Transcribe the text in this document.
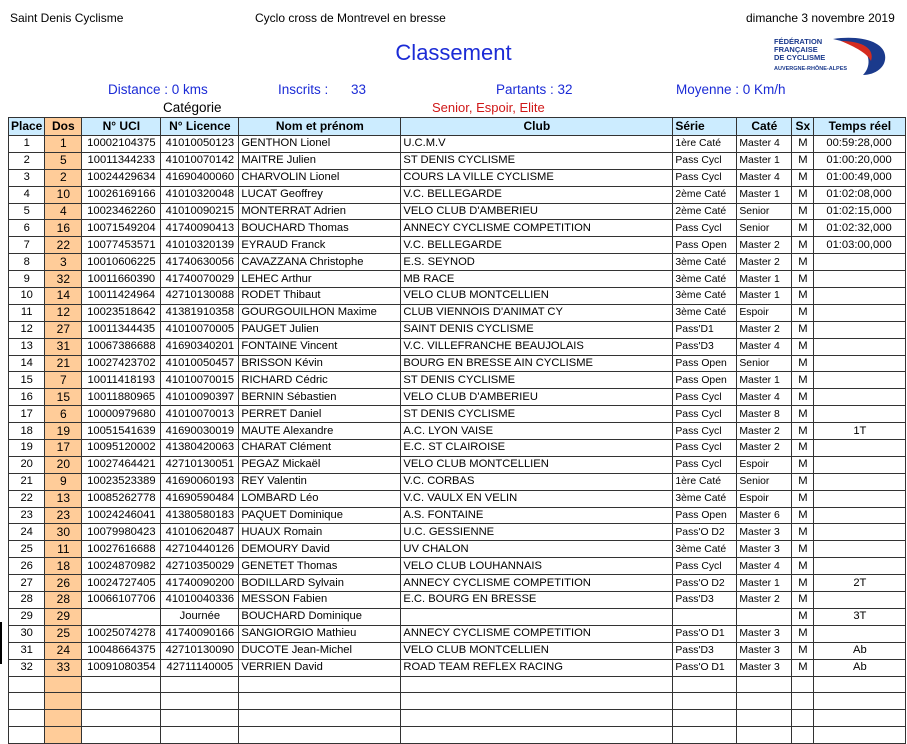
Saint Denis Cyclisme	Cyclo cross de Montrevel en bresse	dimanche 3 novembre 2019
Classement	FÉDÉRATION
FRANÇAISE
DE CYCLISME
AUVERGNE-RHÔNE-ALPES
Distance : 0 kms	Inscrits : 33	Partants : 32	Moyenne : 0 Km/h
Catégorie	Senior, Espoir, Elite
Place	Dos	N° UCI	N° Licence	Nom et prénom	Club	Série	Caté	Sx	Temps réel
1	1	10002104375	41010050123	GENTHON Lionel	U.C.M.V	1ère Caté	Master 4	M	00:59:28,000
2	5	10011344233	41010070142	MAITRE Julien	ST DENIS CYCLISME	Pass Cycl	Master 1	M	01:00:20,000
3	2	10024429634	41690400060	CHARVOLIN Lionel	COURS LA VILLE CYCLISME	Pass Cycl	Master 4	M	01:00:49,000
4	10	10026169166	41010320048	LUCAT Geoffrey	V.C. BELLEGARDE	2ème Caté	Master 1	M	01:02:08,000
5	4	10023462260	41010090215	MONTERRAT Adrien	VELO CLUB D'AMBERIEU	2ème Caté	Senior	M	01:02:15,000
6	16	10071549204	41740090413	BOUCHARD Thomas	ANNECY CYCLISME COMPETITION	Pass Cycl	Senior	M	01:02:32,000
7	22	10077453571	41010320139	EYRAUD Franck	V.C. BELLEGARDE	Pass Open	Master 2	M	01:03:00,000
8	3	10010606225	41740630056	CAVAZZANA Christophe	E.S. SEYNOD	3ème Caté	Master 2	M	
9	32	10011660390	41740070029	LEHEC Arthur	MB RACE	3ème Caté	Master 1	M	
10	14	10011424964	42710130088	RODET Thibaut	VELO CLUB MONTCELLIEN	3ème Caté	Master 1	M	
11	12	10023518642	41381910358	GOURGOUILHON Maxime	CLUB VIENNOIS D'ANIMAT CY	3ème Caté	Espoir	M	
12	27	10011344435	41010070005	PAUGET Julien	SAINT DENIS CYCLISME	Pass'D1	Master 2	M	
13	31	10067386688	41690340201	FONTAINE Vincent	V.C. VILLEFRANCHE BEAUJOLAIS	Pass'D3	Master 4	M	
14	21	10027423702	41010050457	BRISSON Kévin	BOURG EN BRESSE AIN CYCLISME	Pass Open	Senior	M	
15	7	10011418193	41010070015	RICHARD Cédric	ST DENIS CYCLISME	Pass Open	Master 1	M	
16	15	10011880965	41010090397	BERNIN Sébastien	VELO CLUB D'AMBERIEU	Pass Cycl	Master 4	M	
17	6	10000979680	41010070013	PERRET Daniel	ST DENIS CYCLISME	Pass Cycl	Master 8	M	
18	19	10051541639	41690030019	MAUTE Alexandre	A.C. LYON VAISE	Pass Cycl	Master 2	M	1T
19	17	10095120002	41380420063	CHARAT Clément	E.C. ST CLAIROISE	Pass Cycl	Master 2	M	
20	20	10027464421	42710130051	PEGAZ Mickaël	VELO CLUB MONTCELLIEN	Pass Cycl	Espoir	M	
21	9	10023523389	41690060193	REY Valentin	V.C. CORBAS	1ère Caté	Senior	M	
22	13	10085262778	41690590484	LOMBARD Léo	V.C. VAULX EN VELIN	3ème Caté	Espoir	M	
23	23	10024246041	41380580183	PAQUET Dominique	A.S. FONTAINE	Pass Open	Master 6	M	
24	30	10079980423	41010620487	HUAUX Romain	U.C. GESSIENNE	Pass'O D2	Master 3	M	
25	11	10027616688	42710440126	DEMOURY David	UV CHALON	3ème Caté	Master 3	M	
26	18	10024870982	42710350029	GENETET Thomas	VELO CLUB LOUHANNAIS	Pass Cycl	Master 4	M	
27	26	10024727405	41740090200	BODILLARD Sylvain	ANNECY CYCLISME COMPETITION	Pass'O D2	Master 1	M	2T
28	28	10066107706	41010040336	MESSON Fabien	E.C. BOURG EN BRESSE	Pass'D3	Master 2	M	
29	29		Journée	BOUCHARD Dominique				M	3T
30	25	10025074278	41740090166	SANGIORGIO Mathieu	ANNECY CYCLISME COMPETITION	Pass'O D1	Master 3	M	
31	24	10048664375	42710130090	DUCOTE Jean-Michel	VELO CLUB MONTCELLIEN	Pass'D3	Master 3	M	Ab
32	33	10091080354	42711140005	VERRIEN David	ROAD TEAM REFLEX RACING	Pass'O D1	Master 3	M	Ab
